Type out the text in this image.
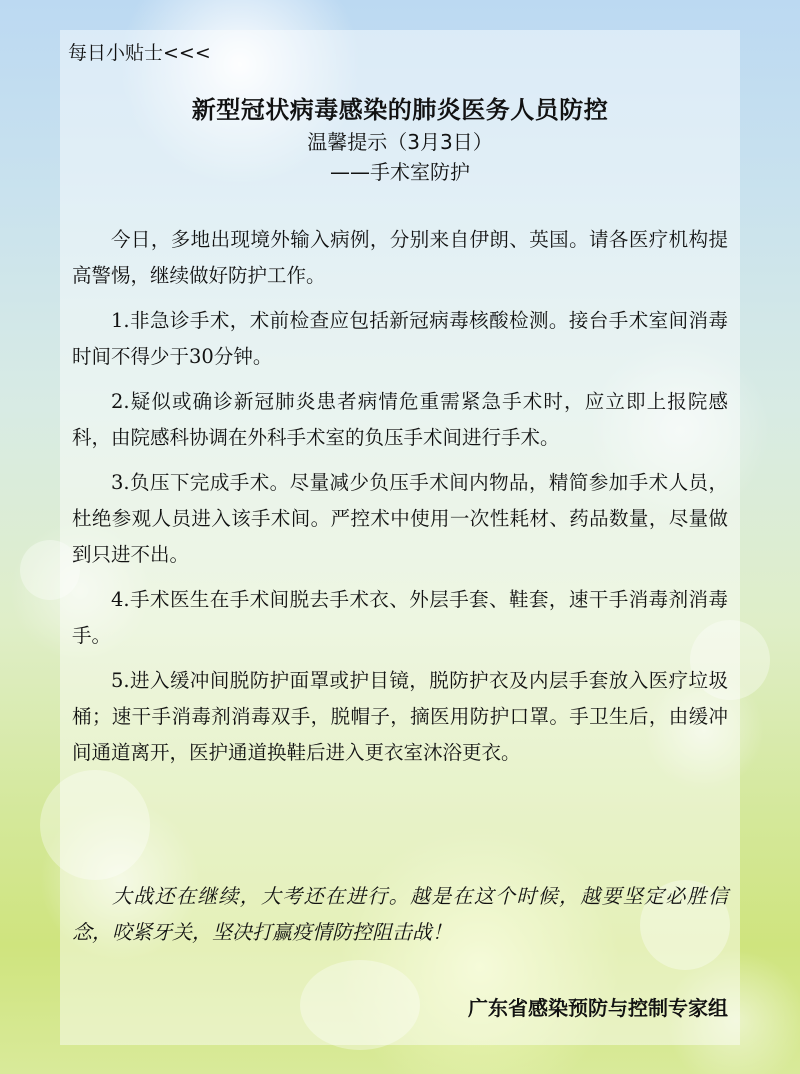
每日小贴士<<<
新型冠状病毒感染的肺炎医务人员防控
温馨提示（3月3日）
——手术室防护

今日，多地出现境外输入病例，分别来自伊朗、英国。请各医疗机构提高警惕，继续做好防护工作。

1.非急诊手术，术前检查应包括新冠病毒核酸检测。接台手术室间消毒时间不得少于30分钟。

2.疑似或确诊新冠肺炎患者病情危重需紧急手术时，应立即上报院感科，由院感科协调在外科手术室的负压手术间进行手术。

3.负压下完成手术。尽量减少负压手术间内物品，精简参加手术人员，杜绝参观人员进入该手术间。严控术中使用一次性耗材、药品数量，尽量做到只进不出。

4.手术医生在手术间脱去手术衣、外层手套、鞋套，速干手消毒剂消毒手。

5.进入缓冲间脱防护面罩或护目镜，脱防护衣及内层手套放入医疗垃圾桶；速干手消毒剂消毒双手，脱帽子，摘医用防护口罩。手卫生后，由缓冲间通道离开，医护通道换鞋后进入更衣室沐浴更衣。

大战还在继续，大考还在进行。越是在这个时候，越要坚定必胜信念，咬紧牙关，坚决打赢疫情防控阻击战！

广东省感染预防与控制专家组
